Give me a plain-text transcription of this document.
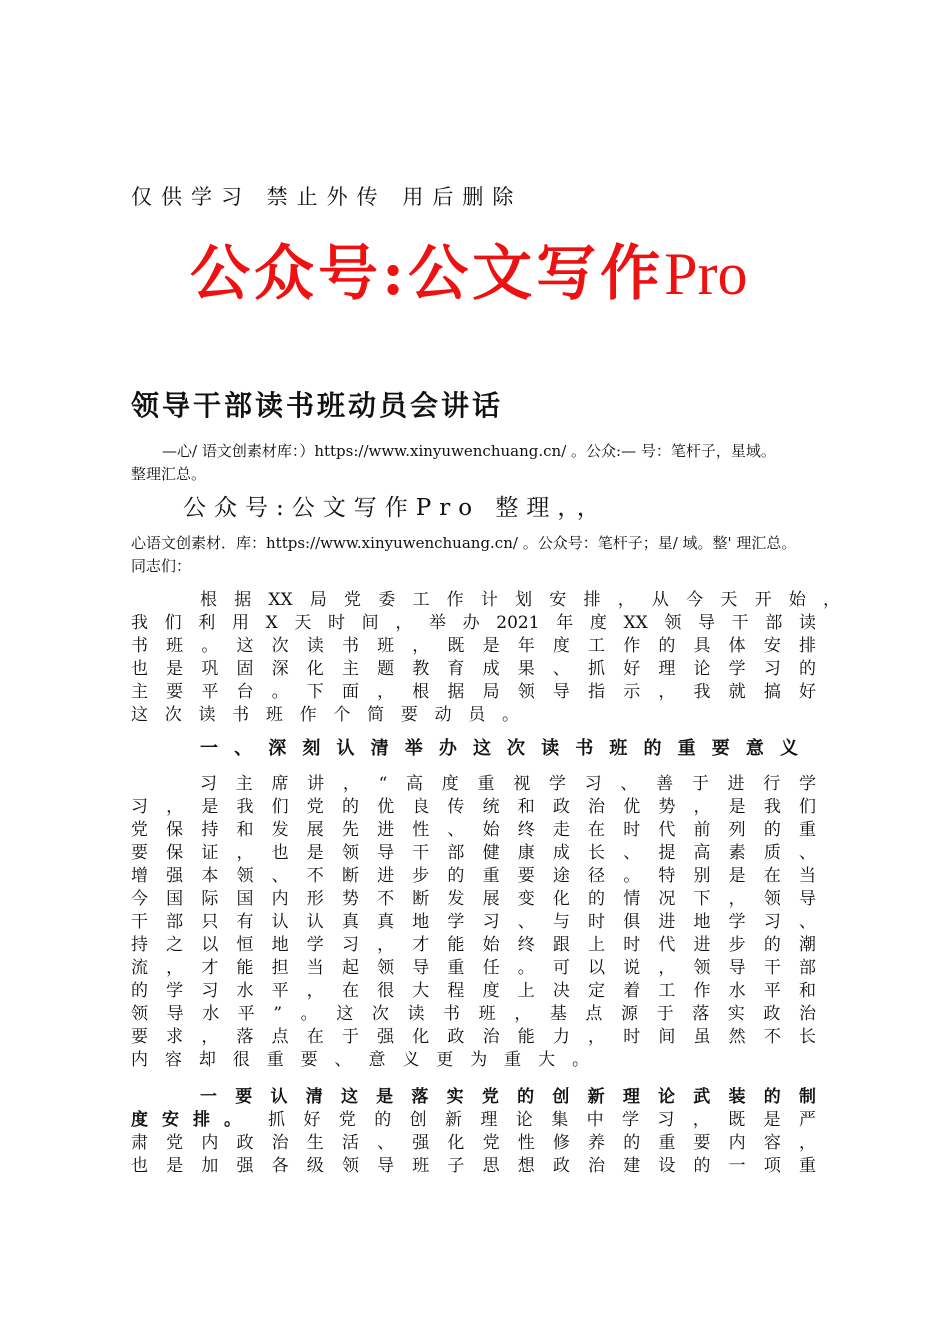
仅供学习 禁止外传 用后删除
公众号:公文写作Pro
领导干部读书班动员会讲话
—心/ 语文创素材库：）https://www.xinyuwenchuang.cn/ 。公众:— 号：笔杆子，星域。
整理汇总。
公众号:公文写作Pro 整理，，
心语文创素材．库：https://www.xinyuwenchuang.cn/ 。公众号：笔杆子；星/ 域。整' 理汇总。
同志们：
根据XX局党委工作计划安排，从今天开始，
我们利用X天时间，举办2021年度XX领导干部读
书班。这次读书班，既是年度工作的具体安排
也是巩固深化主题教育成果、抓好理论学习的
主要平台。下面，根据局领导指示，我就搞好
这次读书班作个简要动员。
一、深刻认清举办这次读书班的重要意义
习主席讲，“高度重视学习、善于进行学
习，是我们党的优良传统和政治优势，是我们
党保持和发展先进性、始终走在时代前列的重
要保证，也是领导干部健康成长、提高素质、
增强本领、不断进步的重要途径。特别是在当
今国际国内形势不断发展变化的情况下，领导
干部只有认认真真地学习、与时俱进地学习、
持之以恒地学习，才能始终跟上时代进步的潮
流，才能担当起领导重任。可以说，领导干部
的学习水平，在很大程度上决定着工作水平和
领导水平”。这次读书班，基点源于落实政治
要求，落点在于强化政治能力，时间虽然不长
内容却很重要、意义更为重大。
一要认清这是落实党的创新理论武装的制
度安排。 抓好党的创新理论集中学习，既是严
肃党内政治生活、强化党性修养的重要内容，
也是加强各级领导班子思想政治建设的一项重
